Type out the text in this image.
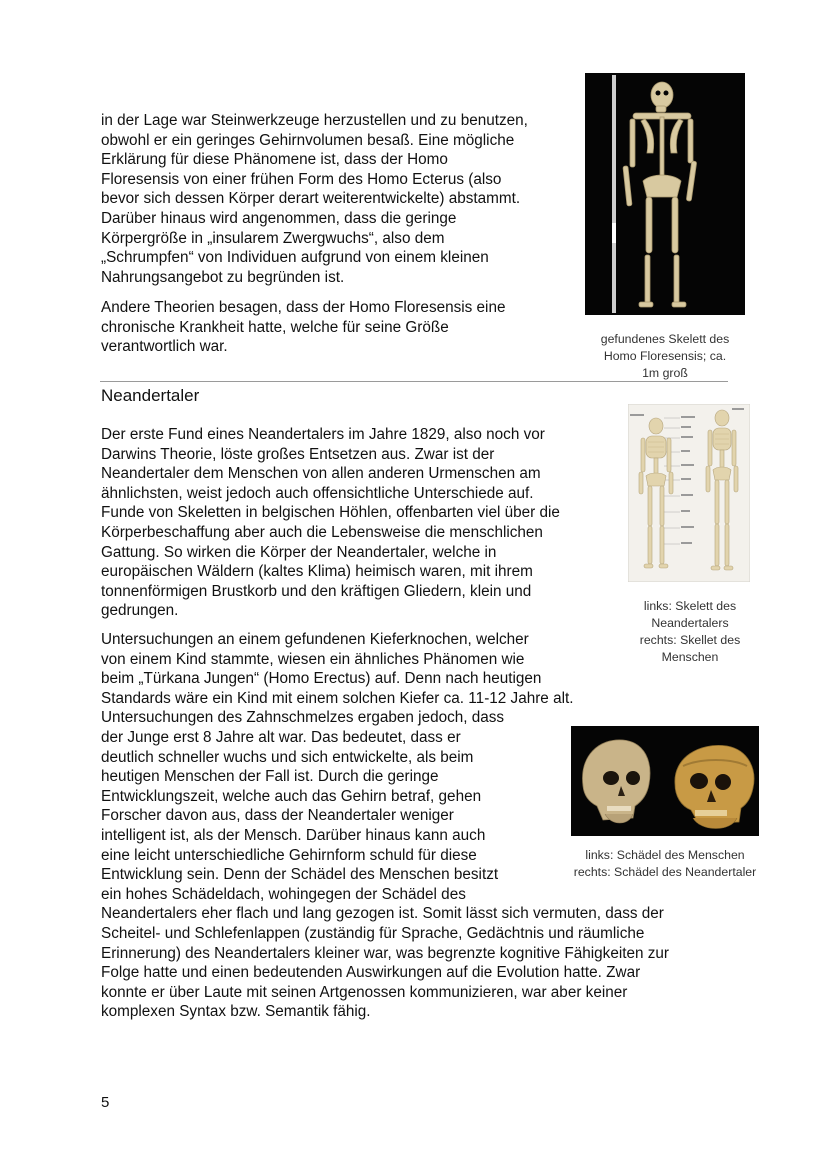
in der Lage war Steinwerkzeuge herzustellen und zu benutzen,
obwohl er ein geringes Gehirnvolumen besaß. Eine mögliche
Erklärung für diese Phänomene ist, dass der Homo
Floresensis von einer frühen Form des Homo Ecterus (also
bevor sich dessen Körper derart weiterentwickelte) abstammt.
Darüber hinaus wird angenommen, dass die geringe
Körpergröße in „insularem Zwergwuchs“, also dem
„Schrumpfen“ von Individuen aufgrund von einem kleinen
Nahrungsangebot zu begründen ist.

Andere Theorien besagen, dass der Homo Floresensis eine
chronische Krankheit hatte, welche für seine Größe
verantwortlich war.	gefundenes Skelett des
Homo Floresensis; ca.
1m groß

Neandertaler

Der erste Fund eines Neandertalers im Jahre 1829, also noch vor
Darwins Theorie, löste großes Entsetzen aus. Zwar ist der
Neandertaler dem Menschen von allen anderen Urmenschen am
ähnlichsten, weist jedoch auch offensichtliche Unterschiede auf.
Funde von Skeletten in belgischen Höhlen, offenbarten viel über die
Körperbeschaffung aber auch die Lebensweise die menschlichen
Gattung. So wirken die Körper der Neandertaler, welche in
europäischen Wäldern (kaltes Klima) heimisch waren, mit ihrem
tonnenförmigen Brustkorb und den kräftigen Gliedern, klein und
gedrungen.	links: Skelett des
Neandertalers
rechts: Skellet des
Menschen

Untersuchungen an einem gefundenen Kieferknochen, welcher
von einem Kind stammte, wiesen ein ähnliches Phänomen wie
beim „Türkana Jungen“ (Homo Erectus) auf. Denn nach heutigen
Standards wäre ein Kind mit einem solchen Kiefer ca. 11-12 Jahre alt.
Untersuchungen des Zahnschmelzes ergaben jedoch, dass
der Junge erst 8 Jahre alt war. Das bedeutet, dass er
deutlich schneller wuchs und sich entwickelte, als beim
heutigen Menschen der Fall ist. Durch die geringe
Entwicklungszeit, welche auch das Gehirn betraf, gehen
Forscher davon aus, dass der Neandertaler weniger
intelligent ist, als der Mensch. Darüber hinaus kann auch
eine leicht unterschiedliche Gehirnform schuld für diese
Entwicklung sein. Denn der Schädel des Menschen besitzt
ein hohes Schädeldach, wohingegen der Schädel des
Neandertalers eher flach und lang gezogen ist. Somit lässt sich vermuten, dass der
Scheitel- und Schlefenlappen (zuständig für Sprache, Gedächtnis und räumliche
Erinnerung) des Neandertalers kleiner war, was begrenzte kognitive Fähigkeiten zur
Folge hatte und einen bedeutenden Auswirkungen auf die Evolution hatte. Zwar
konnte er über Laute mit seinen Artgenossen kommunizieren, war aber keiner
komplexen Syntax bzw. Semantik fähig.

links: Schädel des Menschen
rechts: Schädel des Neandertaler

5
